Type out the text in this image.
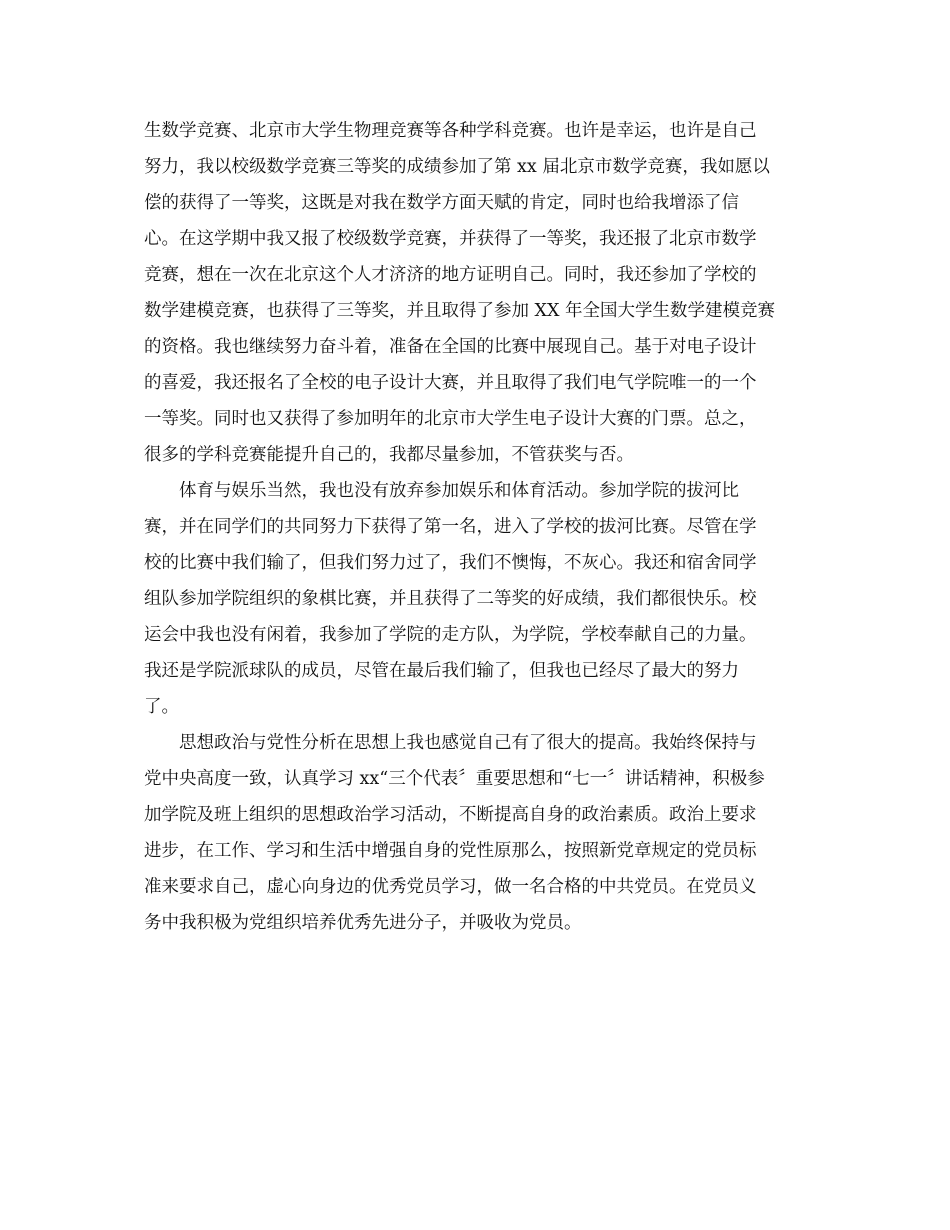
生数学竞赛、北京市大学生物理竞赛等各种学科竞赛。也许是幸运，也许是自己

努力，我以校级数学竞赛三等奖的成绩参加了第 xx 届北京市数学竞赛，我如愿以

偿的获得了一等奖，这既是对我在数学方面天赋的肯定，同时也给我增添了信

心。在这学期中我又报了校级数学竞赛，并获得了一等奖，我还报了北京市数学

竞赛，想在一次在北京这个人才济济的地方证明自己。同时，我还参加了学校的

数学建模竞赛，也获得了三等奖，并且取得了参加 XX 年全国大学生数学建模竞赛

的资格。我也继续努力奋斗着，准备在全国的比赛中展现自己。基于对电子设计

的喜爱，我还报名了全校的电子设计大赛，并且取得了我们电气学院唯一的一个

一等奖。同时也又获得了参加明年的北京市大学生电子设计大赛的门票。总之，

很多的学科竞赛能提升自己的，我都尽量参加，不管获奖与否。

　　体育与娱乐当然，我也没有放弃参加娱乐和体育活动。参加学院的拔河比

赛，并在同学们的共同努力下获得了第一名，进入了学校的拔河比赛。尽管在学

校的比赛中我们输了，但我们努力过了，我们不懊悔，不灰心。我还和宿舍同学

组队参加学院组织的象棋比赛，并且获得了二等奖的好成绩，我们都很快乐。校

运会中我也没有闲着，我参加了学院的走方队，为学院，学校奉献自己的力量。

我还是学院派球队的成员，尽管在最后我们输了，但我也已经尽了最大的努力

了。

　　思想政治与党性分析在思想上我也感觉自己有了很大的提高。我始终保持与

党中央高度一致，认真学习 xx“三个代表〞重要思想和“七一〞讲话精神，积极参

加学院及班上组织的思想政治学习活动，不断提高自身的政治素质。政治上要求

进步，在工作、学习和生活中增强自身的党性原那么，按照新党章规定的党员标

准来要求自己，虚心向身边的优秀党员学习，做一名合格的中共党员。在党员义

务中我积极为党组织培养优秀先进分子，并吸收为党员。
